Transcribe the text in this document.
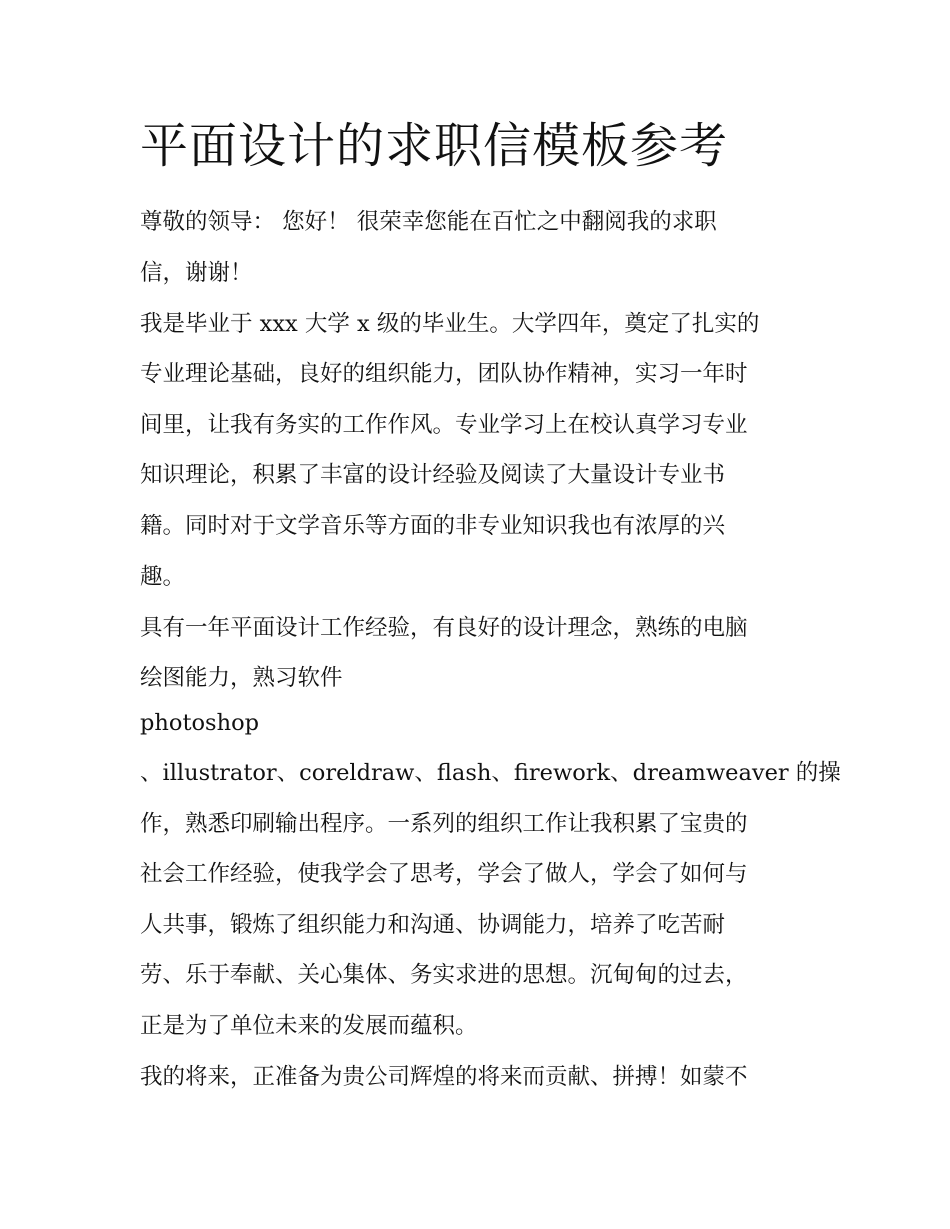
平面设计的求职信模板参考
尊敬的领导： 您好！ 很荣幸您能在百忙之中翻阅我的求职
信，谢谢！
我是毕业于 xxx 大学 x 级的毕业生。大学四年，奠定了扎实的
专业理论基础，良好的组织能力，团队协作精神，实习一年时
间里，让我有务实的工作作风。专业学习上在校认真学习专业
知识理论，积累了丰富的设计经验及阅读了大量设计专业书
籍。同时对于文学音乐等方面的非专业知识我也有浓厚的兴
趣。
具有一年平面设计工作经验，有良好的设计理念，熟练的电脑
绘图能力，熟习软件
photoshop
、illustrator、coreldraw、flash、firework、dreamweaver 的操
作，熟悉印刷输出程序。一系列的组织工作让我积累了宝贵的
社会工作经验，使我学会了思考，学会了做人，学会了如何与
人共事，锻炼了组织能力和沟通、协调能力，培养了吃苦耐
劳、乐于奉献、关心集体、务实求进的思想。沉甸甸的过去，
正是为了单位未来的发展而蕴积。
我的将来，正准备为贵公司辉煌的将来而贡献、拼搏！如蒙不
